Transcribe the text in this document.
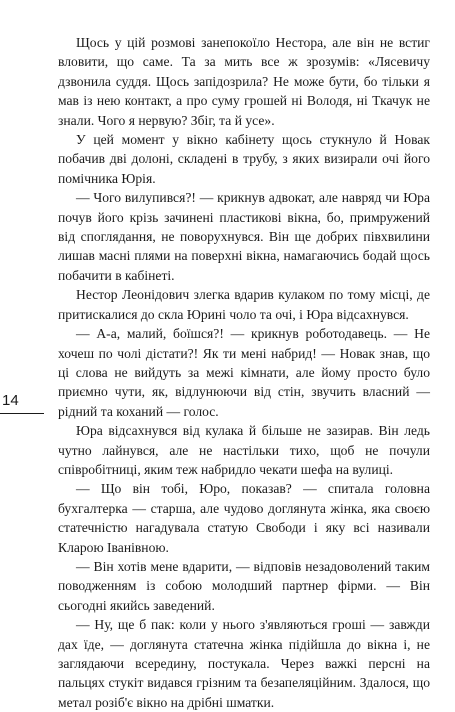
Щось у цій розмові занепокоїло Нестора, але він не встиг вловити, що саме. Та за мить все ж зрозумів: «Лясевичу дзвонила суддя. Щось запідозрила? Не може бути, бо тільки я мав із нею контакт, а про суму грошей ні Володя, ні Ткачук не знали. Чого я нервую? Збіг, та й усе».

У цей момент у вікно кабінету щось стукнуло й Новак побачив дві долоні, складені в трубу, з яких визирали очі його помічника Юрія.

— Чого вилупився?! — крикнув адвокат, але навряд чи Юра почув його крізь зачинені пластикові вікна, бо, примружений від споглядання, не поворухнувся. Він ще добрих півхвилини лишав масні плями на поверхні вікна, намагаючись бодай щось побачити в кабінеті.

Нестор Леонідович злегка вдарив кулаком по тому місці, де притискалися до скла Юрині чоло та очі, і Юра відсахнувся.

— А-а, малий, боїшся?! — крикнув роботодавець. — Не хочеш по чолі дістати?! Як ти мені набрид! — Новак знав, що ці слова не вийдуть за межі кімнати, але йому просто було приємно чути, як, відлунюючи від стін, звучить власний — рідний та коханий — голос.

Юра відсахнувся від кулака й більше не зазирав. Він ледь чутно лайнувся, але не настільки тихо, щоб не почули співробітниці, яким теж набридло чекати шефа на вулиці.

— Що він тобі, Юро, показав? — спитала головна бухгалтерка — старша, але чудово доглянута жінка, яка своєю статечністю нагадувала статую Свободи і яку всі називали Кларою Іванівною.

— Він хотів мене вдарити, — відповів незадоволений таким поводженням із собою молодший партнер фірми. — Він сьогодні якийсь заведений.

— Ну, ще б пак: коли у нього з'являються гроші — завжди дах їде, — доглянута статечна жінка підійшла до вікна і, не заглядаючи всередину, постукала. Через важкі персні на пальцях стукіт видався грізним та безапеляційним. Здалося, що метал розіб'є вікно на дрібні шматки.

14
